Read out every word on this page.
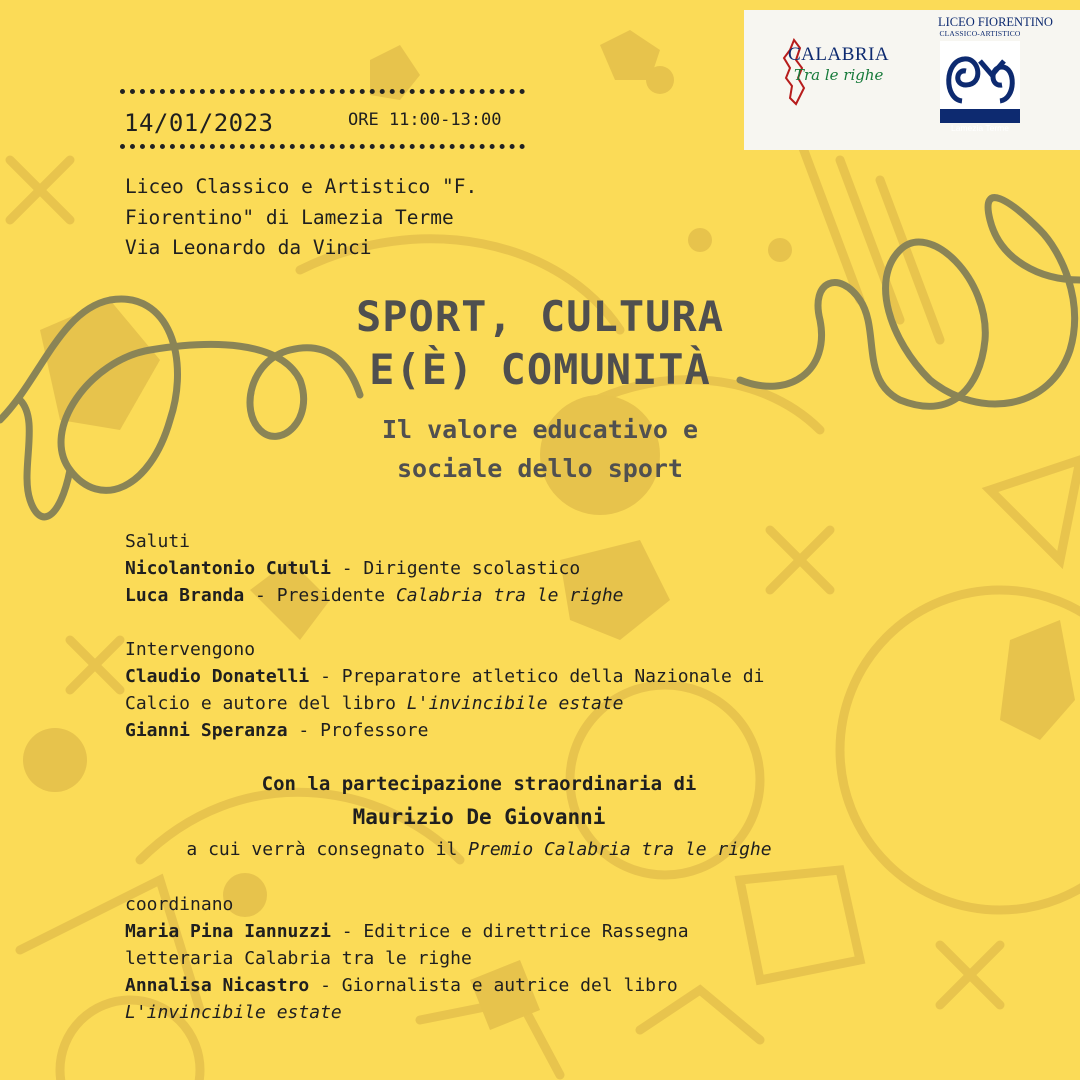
CALABRIA
Tra le righe
LICEO FIORENTINO
CLASSICO-ARTISTICO
Lamezia Terme
14/01/2023	ORE 11:00-13:00
Liceo Classico e Artistico "F.
Fiorentino" di Lamezia Terme
Via Leonardo da Vinci
SPORT, CULTURA
E(È) COMUNITÀ
Il valore educativo e
sociale dello sport
Saluti
Nicolantonio Cutuli - Dirigente scolastico
Luca Branda - Presidente Calabria tra le righe
Intervengono
Claudio Donatelli - Preparatore atletico della Nazionale di
Calcio e autore del libro L'invincibile estate
Gianni Speranza - Professore
Con la partecipazione straordinaria di
Maurizio De Giovanni
a cui verrà consegnato il Premio Calabria tra le righe
coordinano
Maria Pina Iannuzzi - Editrice e direttrice Rassegna
letteraria Calabria tra le righe
Annalisa Nicastro - Giornalista e autrice del libro
L'invincibile estate
